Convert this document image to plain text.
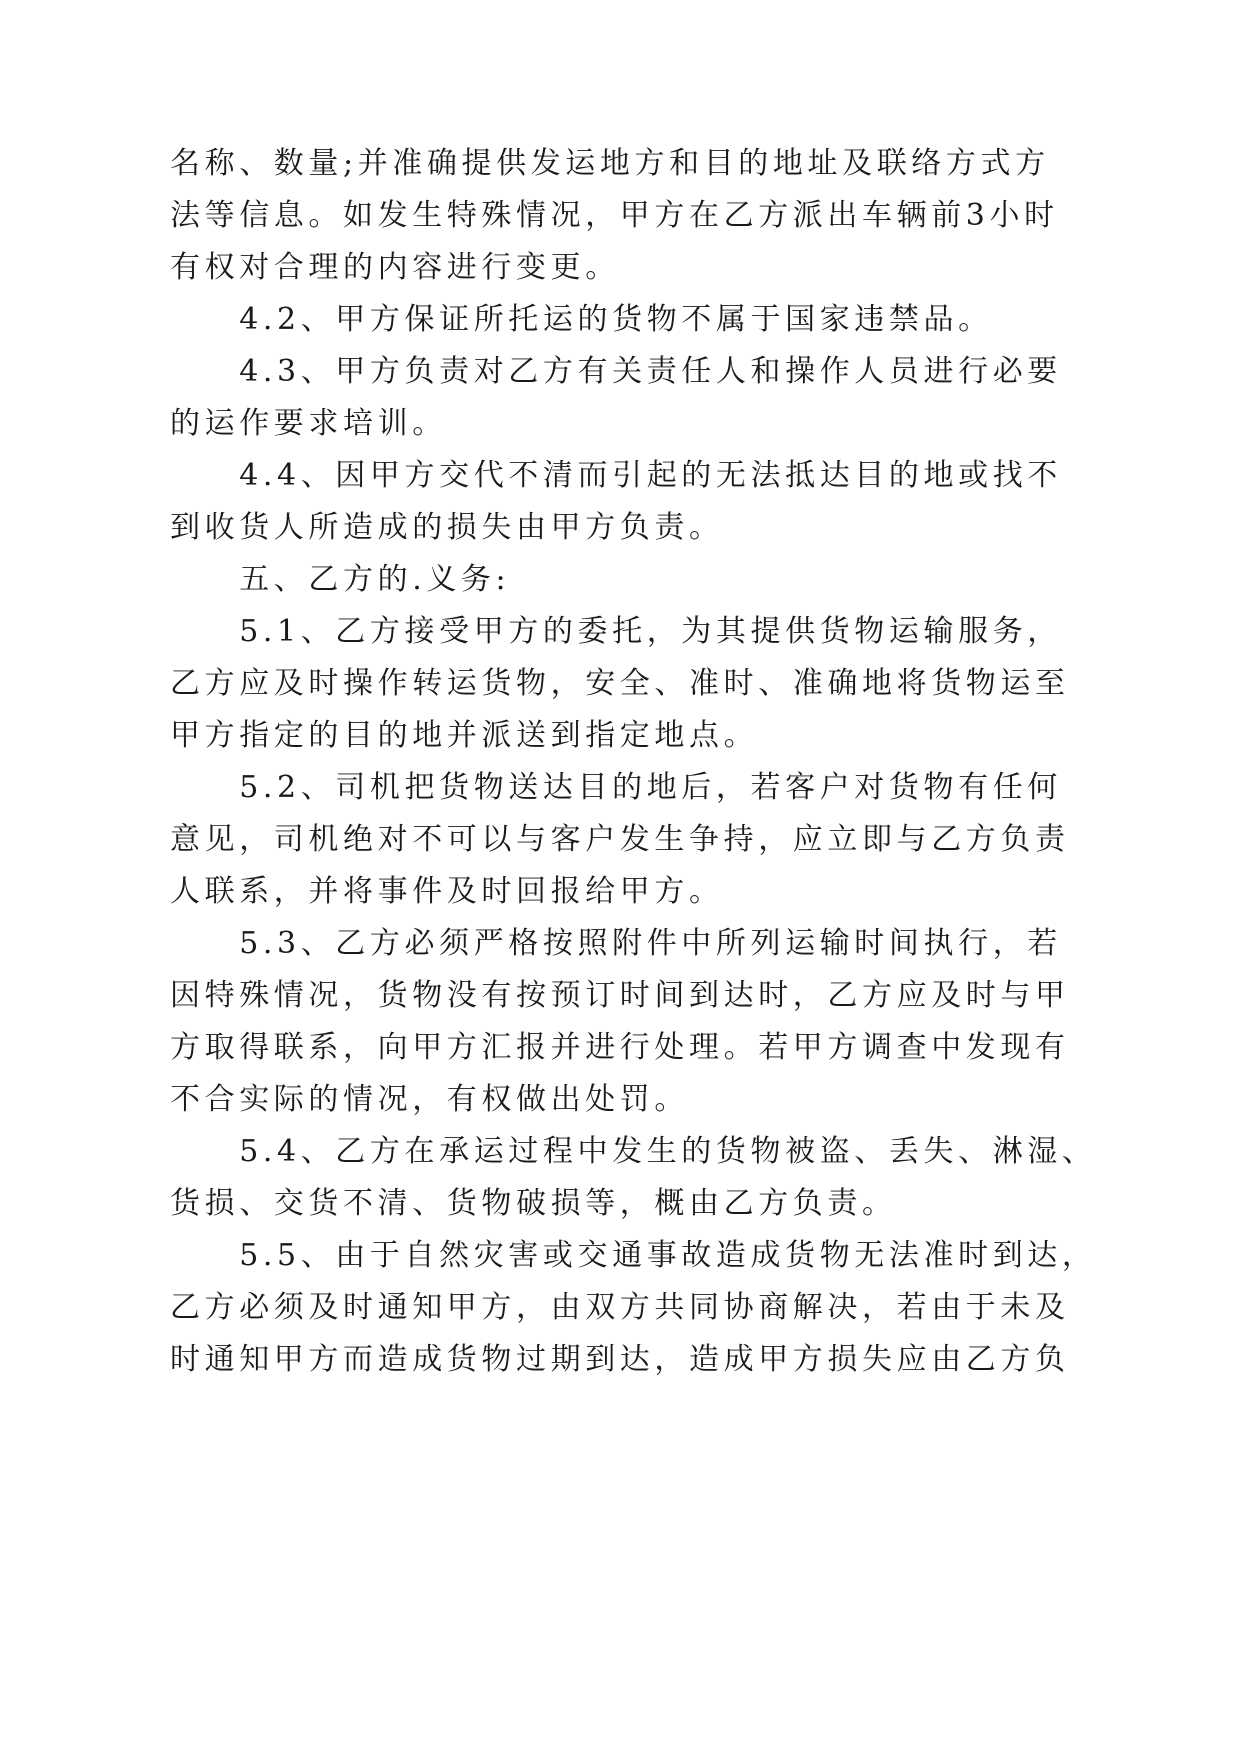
名称、数量;并准确提供发运地方和目的地址及联络方式方
法等信息。如发生特殊情况，甲方在乙方派出车辆前3小时
有权对合理的内容进行变更。

　　4.2、甲方保证所托运的货物不属于国家违禁品。

　　4.3、甲方负责对乙方有关责任人和操作人员进行必要
的运作要求培训。

　　4.4、因甲方交代不清而引起的无法抵达目的地或找不
到收货人所造成的损失由甲方负责。

　　五、乙方的.义务:

　　5.1、乙方接受甲方的委托，为其提供货物运输服务，
乙方应及时操作转运货物，安全、准时、准确地将货物运至
甲方指定的目的地并派送到指定地点。

　　5.2、司机把货物送达目的地后，若客户对货物有任何
意见，司机绝对不可以与客户发生争持，应立即与乙方负责
人联系，并将事件及时回报给甲方。

　　5.3、乙方必须严格按照附件中所列运输时间执行，若
因特殊情况，货物没有按预订时间到达时，乙方应及时与甲
方取得联系，向甲方汇报并进行处理。若甲方调查中发现有
不合实际的情况，有权做出处罚。

　　5.4、乙方在承运过程中发生的货物被盗、丢失、淋湿、
货损、交货不清、货物破损等，概由乙方负责。

　　5.5、由于自然灾害或交通事故造成货物无法准时到达，
乙方必须及时通知甲方，由双方共同协商解决，若由于未及
时通知甲方而造成货物过期到达，造成甲方损失应由乙方负
